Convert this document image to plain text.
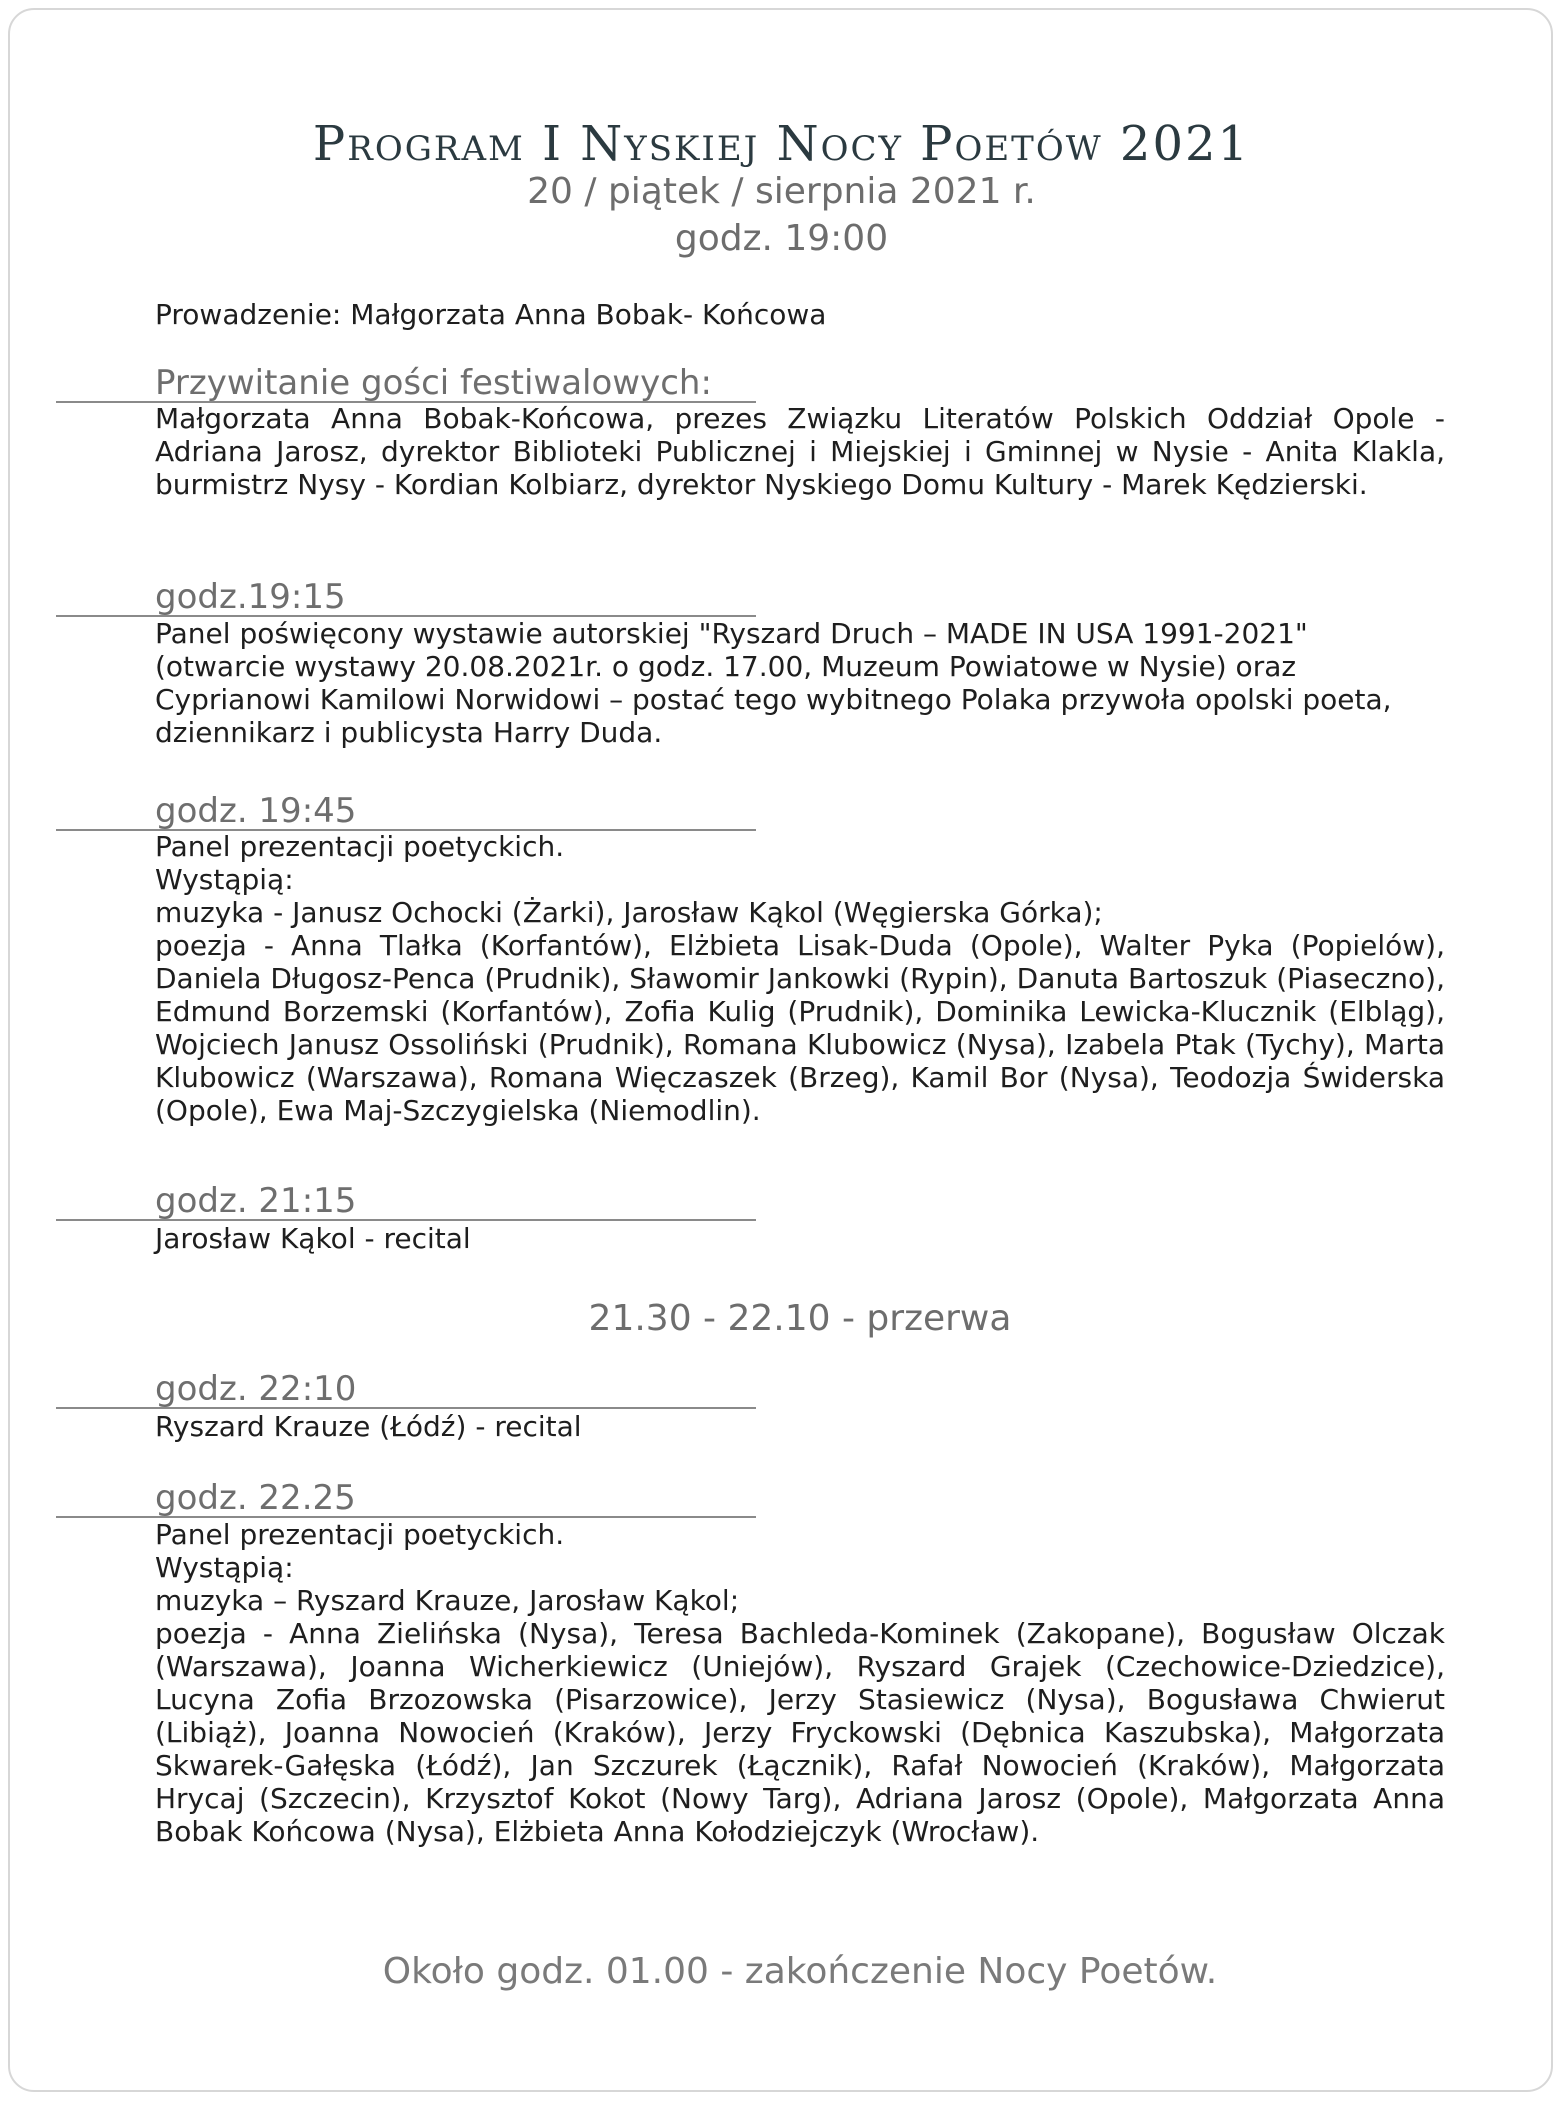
Program I Nyskiej Nocy Poetów 2021
20 / piątek / sierpnia 2021 r.
godz. 19:00
Prowadzenie: Małgorzata Anna Bobak- Końcowa
Przywitanie gości festiwalowych:
Małgorzata Anna Bobak-Końcowa, prezes Związku Literatów Polskich Oddział Opole - Adriana Jarosz, dyrektor Biblioteki Publicznej i Miejskiej i Gminnej w Nysie - Anita Klakla, burmistrz Nysy - Kordian Kolbiarz, dyrektor Nyskiego Domu Kultury - Marek Kędzierski.
godz.19:15
Panel poświęcony wystawie autorskiej "Ryszard Druch – MADE IN USA 1991-2021" (otwarcie wystawy 20.08.2021r. o godz. 17.00, Muzeum Powiatowe w Nysie) oraz Cyprianowi Kamilowi Norwidowi – postać tego wybitnego Polaka przywoła opolski poeta, dziennikarz i publicysta Harry Duda.
godz. 19:45

Panel prezentacji poetyckich.

Wystąpią:

muzyka - Janusz Ochocki (Żarki), Jarosław Kąkol (Węgierska Górka);

poezja - Anna Tlałka (Korfantów), Elżbieta Lisak-Duda (Opole), Walter Pyka (Popielów), Daniela Długosz-Penca (Prudnik), Sławomir Jankowki (Rypin), Danuta Bartoszuk (Piaseczno), Edmund Borzemski (Korfantów), Zofia Kulig (Prudnik), Dominika Lewicka-Klucznik (Elbląg), Wojciech Janusz Ossoliński (Prudnik), Romana Klubowicz (Nysa), Izabela Ptak (Tychy), Marta Klubowicz (Warszawa), Romana Więczaszek (Brzeg), Kamil Bor (Nysa), Teodozja Świderska (Opole), Ewa Maj-Szczygielska (Niemodlin).

godz. 21:15
Jarosław Kąkol - recital
21.30 - 22.10 - przerwa
godz. 22:10
Ryszard Krauze (Łódź) - recital
godz. 22.25

Panel prezentacji poetyckich.

Wystąpią:

muzyka – Ryszard Krauze, Jarosław Kąkol;

poezja - Anna Zielińska (Nysa), Teresa Bachleda-Kominek (Zakopane), Bogusław Olczak (Warszawa), Joanna Wicherkiewicz (Uniejów), Ryszard Grajek (Czechowice-Dziedzice), Lucyna Zofia Brzozowska (Pisarzowice), Jerzy Stasiewicz (Nysa), Bogusława Chwierut (Libiąż), Joanna Nowocień (Kraków), Jerzy Fryckowski (Dębnica Kaszubska), Małgorzata Skwarek-Gałęska (Łódź), Jan Szczurek (Łącznik), Rafał Nowocień (Kraków), Małgorzata Hrycaj (Szczecin), Krzysztof Kokot (Nowy Targ), Adriana Jarosz (Opole), Małgorzata Anna Bobak Końcowa (Nysa), Elżbieta Anna Kołodziejczyk (Wrocław).

Około godz. 01.00 - zakończenie Nocy Poetów.
